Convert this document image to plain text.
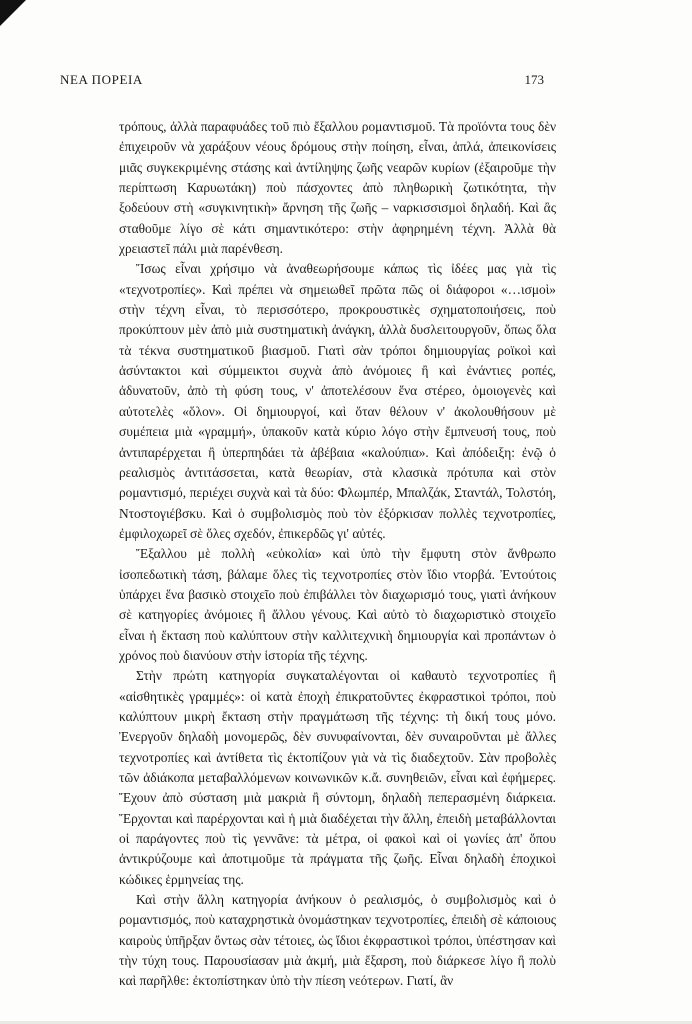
ΝΕΑ ΠΟΡΕΙΑ	173

τρόπους, ἀλλὰ παραφυάδες τοῦ πιὸ ἔξαλλου ρομαντισμοῦ. Τὰ προϊόντα τους δὲν ἐπιχειροῦν νὰ χαράξουν νέους δρόμους στὴν ποίηση, εἶναι, ἁπλά, ἀπεικονίσεις μιᾶς συγκεκριμένης στάσης καὶ ἀντίληψης ζωῆς νεαρῶν κυρίων (ἐξαιροῦμε τὴν περίπτωση Καρυωτάκη) ποὺ πάσχοντες ἀπὸ πληθωρικὴ ζωτικότητα, τὴν ξοδεύουν στὴ «συγκινητικὴ» ἄρνηση τῆς ζωῆς – ναρκισσισμοὶ δηλαδή. Καὶ ἂς σταθοῦμε λίγο σὲ κάτι σημαντικότερο: στὴν ἀφηρημένη τέχνη. Ἀλλὰ θὰ χρειαστεῖ πάλι μιὰ παρένθεση.

Ἴσως εἶναι χρήσιμο νὰ ἀναθεωρήσουμε κάπως τὶς ἰδέες μας γιὰ τὶς «τεχνοτροπίες». Καὶ πρέπει νὰ σημειωθεῖ πρῶτα πῶς οἱ διάφοροι «…ισμοὶ» στὴν τέχνη εἶναι, τὸ περισσότερο, προκρουστικὲς σχηματοποιήσεις, ποὺ προκύπτουν μὲν ἀπὸ μιὰ συστηματικὴ ἀνάγκη, ἀλλὰ δυσλειτουργοῦν, ὅπως ὅλα τὰ τέκνα συστηματικοῦ βιασμοῦ. Γιατὶ σὰν τρόποι δημιουργίας ροϊκοὶ καὶ ἀσύντακτοι καὶ σύμμεικτοι συχνὰ ἀπὸ ἀνόμοιες ἢ καὶ ἐνάντιες ροπές, ἀδυνατοῦν, ἀπὸ τὴ φύση τους, ν' ἀποτελέσουν ἕνα στέρεο, ὁμοιογενὲς καὶ αὐτοτελὲς «ὅλον». Οἱ δημιουργοί, καὶ ὅταν θέλουν ν' ἀκολουθήσουν μὲ συμέπεια μιὰ «γραμμή», ὑπακοῦν κατὰ κύριο λόγο στὴν ἔμπνευσή τους, ποὺ ἀντιπαρέρχεται ἢ ὑπερπηδάει τὰ ἀβέβαια «καλούπια». Καὶ ἀπόδειξη: ἐνῷ ὁ ρεαλισμὸς ἀντιτάσσεται, κατὰ θεωρίαν, στὰ κλασικὰ πρότυπα καὶ στὸν ρομαντισμό, περιέχει συχνὰ καὶ τὰ δύο: Φλωμπέρ, Μπαλζάκ, Σταντάλ, Τολστόη, Ντοστογιέβσκυ. Καὶ ὁ συμβολισμὸς ποὺ τὸν ἐξόρκισαν πολλὲς τεχνοτροπίες, ἐμφιλοχωρεῖ σὲ ὅλες σχεδόν, ἐπικερδῶς γι' αὐτές.

Ἔξαλλου μὲ πολλὴ «εὐκολία» καὶ ὑπὸ τὴν ἔμφυτη στὸν ἄνθρωπο ἰσοπεδωτικὴ τάση, βάλαμε ὅλες τὶς τεχνοτροπίες στὸν ἴδιο ντορβά. Ἐντούτοις ὑπάρχει ἕνα βασικὸ στοιχεῖο ποὺ ἐπιβάλλει τὸν διαχωρισμό τους, γιατὶ ἀνήκουν σὲ κατηγορίες ἀνόμοιες ἢ ἄλλου γένους. Καὶ αὐτὸ τὸ διαχωριστικὸ στοιχεῖο εἶναι ἡ ἔκταση ποὺ καλύπτουν στὴν καλλιτεχνικὴ δημιουργία καὶ προπάντων ὁ χρόνος ποὺ διανύουν στὴν ἱστορία τῆς τέχνης.

Στὴν πρώτη κατηγορία συγκαταλέγονται οἱ καθαυτὸ τεχνοτροπίες ἢ «αἰσθητικὲς γραμμές»: οἱ κατὰ ἐποχὴ ἐπικρατοῦντες ἐκφραστικοὶ τρόποι, ποὺ καλύπτουν μικρὴ ἔκταση στὴν πραγμάτωση τῆς τέχνης: τὴ δική τους μόνο. Ἐνεργοῦν δηλαδὴ μονομερῶς, δὲν συνυφαίνονται, δὲν συναιροῦνται μὲ ἄλλες τεχνοτροπίες καὶ ἀντίθετα τὶς ἐκτοπίζουν γιὰ νὰ τὶς διαδεχτοῦν. Σὰν προβολὲς τῶν ἀδιάκοπα μεταβαλλόμενων κοινωνικῶν κ.ἄ. συνηθειῶν, εἶναι καὶ ἐφήμερες. Ἔχουν ἀπὸ σύσταση μιὰ μακριὰ ἢ σύντομη, δηλαδὴ πεπερασμένη διάρκεια. Ἔρχονται καὶ παρέρχονται καὶ ἡ μιὰ διαδέχεται τὴν ἄλλη, ἐπειδὴ μεταβάλλονται οἱ παράγοντες ποὺ τὶς γεννᾶνε: τὰ μέτρα, οἱ φακοὶ καὶ οἱ γωνίες ἀπ' ὅπου ἀντικρύζουμε καὶ ἀποτιμοῦμε τὰ πράγματα τῆς ζωῆς. Εἶναι δηλαδὴ ἐποχικοὶ κώδικες ἑρμηνείας της.

Καὶ στὴν ἄλλη κατηγορία ἀνήκουν ὁ ρεαλισμός, ὁ συμβολισμὸς καὶ ὁ ρομαντισμός, ποὺ καταχρηστικὰ ὀνομάστηκαν τεχνοτροπίες, ἐπειδὴ σὲ κάποιους καιροὺς ὑπῆρξαν ὄντως σὰν τέτοιες, ὡς ἴδιοι ἐκφραστικοὶ τρόποι, ὑπέστησαν καὶ τὴν τύχη τους. Παρουσίασαν μιὰ ἀκμή, μιὰ ἔξαρση, ποὺ διάρκεσε λίγο ἢ πολὺ καὶ παρῆλθε: ἐκτοπίστηκαν ὑπὸ τὴν πίεση νεότερων. Γιατί, ἂν
